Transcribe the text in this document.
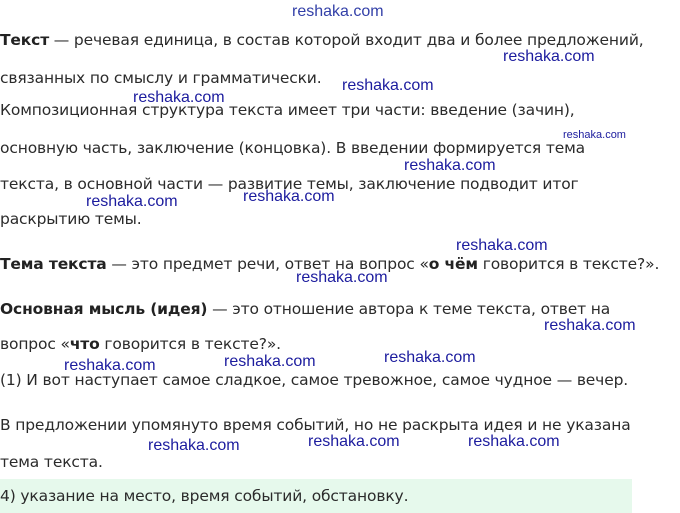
Текст — речевая единица, в состав которой входит два и более предложений,
связанных по смыслу и грамматически.
Композиционная структура текста имеет три части: введение (зачин),
основную часть, заключение (концовка). В введении формируется тема
текста, в основной части — развитие темы, заключение подводит итог
раскрытию темы.
Тема текста — это предмет речи, ответ на вопрос «о чём говорится в тексте?».
Основная мысль (идея) — это отношение автора к теме текста, ответ на
вопрос «что говорится в тексте?».
(1) И вот наступает самое сладкое, самое тревожное, самое чудное — вечер.
В предложении упомянуто время событий, но не раскрыта идея и не указана
тема текста.
4) указание на место, время событий, обстановку.
reshaka.com
reshaka.com
reshaka.com
reshaka.com
reshaka.com
reshaka.com
reshaka.com	reshaka.com
reshaka.com
reshaka.com
reshaka.com
reshaka.com
reshaka.com	reshaka.com
reshaka.com	reshaka.com	reshaka.com
